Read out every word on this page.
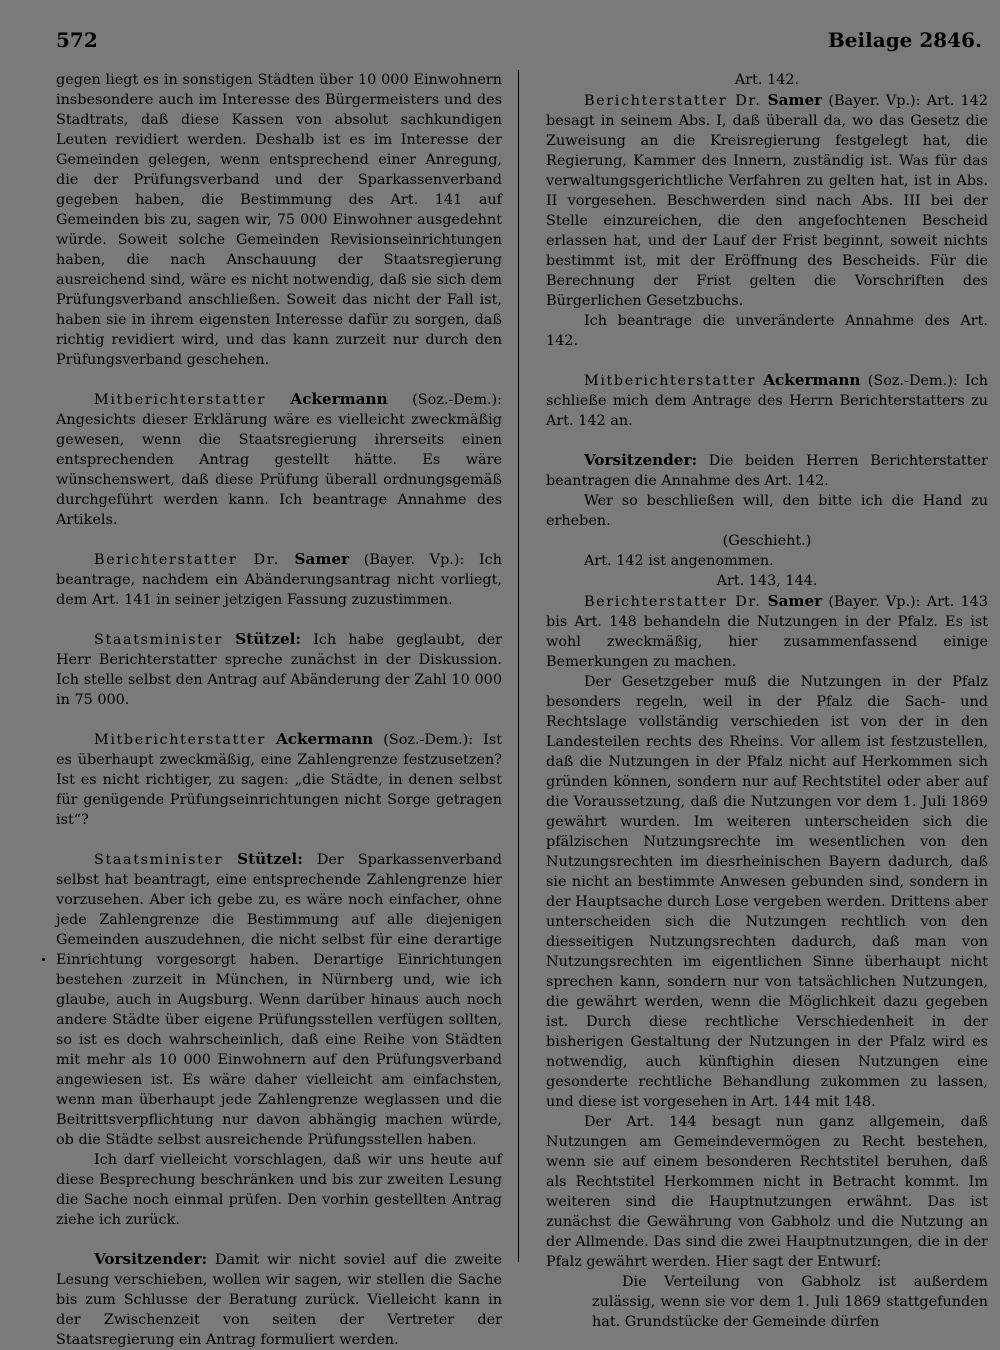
572	Beilage 2846.

gegen liegt es in sonstigen Städten über 10 000 Einwohnern insbesondere auch im Interesse des Bürgermeisters und des Stadtrats, daß diese Kassen von absolut sachkundigen Leuten revidiert werden. Deshalb ist es im Interesse der Gemeinden gelegen, wenn entsprechend einer Anregung, die der Prüfungsverband und der Sparkassenverband gegeben haben, die Bestimmung des Art. 141 auf Gemeinden bis zu, sagen wir, 75 000 Einwohner ausgedehnt würde. Soweit solche Gemeinden Revisionseinrichtungen haben, die nach Anschauung der Staatsregierung ausreichend sind, wäre es nicht notwendig, daß sie sich dem Prüfungsverband anschließen. Soweit das nicht der Fall ist, haben sie in ihrem eigensten Interesse dafür zu sorgen, daß richtig revidiert wird, und das kann zurzeit nur durch den Prüfungsverband geschehen.

Mitberichterstatter Ackermann (Soz.-Dem.): Angesichts dieser Erklärung wäre es vielleicht zweckmäßig gewesen, wenn die Staatsregierung ihrerseits einen entsprechenden Antrag gestellt hätte. Es wäre wünschenswert, daß diese Prüfung überall ordnungsgemäß durchgeführt werden kann. Ich beantrage Annahme des Artikels.

Berichterstatter Dr. Samer (Bayer. Vp.): Ich beantrage, nachdem ein Abänderungsantrag nicht vorliegt, dem Art. 141 in seiner jetzigen Fassung zuzustimmen.

Staatsminister Stützel: Ich habe geglaubt, der Herr Berichterstatter spreche zunächst in der Diskussion. Ich stelle selbst den Antrag auf Abänderung der Zahl 10 000 in 75 000.

Mitberichterstatter Ackermann (Soz.-Dem.): Ist es überhaupt zweckmäßig, eine Zahlengrenze festzusetzen? Ist es nicht richtiger, zu sagen: „die Städte, in denen selbst für genügende Prüfungseinrichtungen nicht Sorge getragen ist“?

Staatsminister Stützel: Der Sparkassenverband selbst hat beantragt, eine entsprechende Zahlengrenze hier vorzusehen. Aber ich gebe zu, es wäre noch einfacher, ohne jede Zahlengrenze die Bestimmung auf alle diejenigen Gemeinden auszudehnen, die nicht selbst für eine derartige Einrichtung vorgesorgt haben. Derartige Einrichtungen bestehen zurzeit in München, in Nürnberg und, wie ich glaube, auch in Augsburg. Wenn darüber hinaus auch noch andere Städte über eigene Prüfungsstellen verfügen sollten, so ist es doch wahrscheinlich, daß eine Reihe von Städten mit mehr als 10 000 Einwohnern auf den Prüfungsverband angewiesen ist. Es wäre daher vielleicht am einfachsten, wenn man überhaupt jede Zahlengrenze weglassen und die Beitrittsverpflichtung nur davon abhängig machen würde, ob die Städte selbst ausreichende Prüfungsstellen haben.

Ich darf vielleicht vorschlagen, daß wir uns heute auf diese Besprechung beschränken und bis zur zweiten Lesung die Sache noch einmal prüfen. Den vorhin gestellten Antrag ziehe ich zurück.

Vorsitzender: Damit wir nicht soviel auf die zweite Lesung verschieben, wollen wir sagen, wir stellen die Sache bis zum Schlusse der Beratung zurück. Vielleicht kann in der Zwischenzeit von seiten der Vertreter der Staatsregierung ein Antrag formuliert werden.

Art. 142.

Berichterstatter Dr. Samer (Bayer. Vp.): Art. 142 besagt in seinem Abs. I, daß überall da, wo das Gesetz die Zuweisung an die Kreisregierung festgelegt hat, die Regierung, Kammer des Innern, zuständig ist. Was für das verwaltungsgerichtliche Verfahren zu gelten hat, ist in Abs. II vorgesehen. Beschwerden sind nach Abs. III bei der Stelle einzureichen, die den angefochtenen Bescheid erlassen hat, und der Lauf der Frist beginnt, soweit nichts bestimmt ist, mit der Eröffnung des Bescheids. Für die Berechnung der Frist gelten die Vorschriften des Bürgerlichen Gesetzbuchs.

Ich beantrage die unveränderte Annahme des Art. 142.

Mitberichterstatter Ackermann (Soz.-Dem.): Ich schließe mich dem Antrage des Herrn Berichterstatters zu Art. 142 an.

Vorsitzender: Die beiden Herren Berichterstatter beantragen die Annahme des Art. 142.

Wer so beschließen will, den bitte ich die Hand zu erheben.

(Geschieht.)

Art. 142 ist angenommen.

Art. 143, 144.

Berichterstatter Dr. Samer (Bayer. Vp.): Art. 143 bis Art. 148 behandeln die Nutzungen in der Pfalz. Es ist wohl zweckmäßig, hier zusammenfassend einige Bemerkungen zu machen.

Der Gesetzgeber muß die Nutzungen in der Pfalz besonders regeln, weil in der Pfalz die Sach- und Rechtslage vollständig verschieden ist von der in den Landesteilen rechts des Rheins. Vor allem ist festzustellen, daß die Nutzungen in der Pfalz nicht auf Herkommen sich gründen können, sondern nur auf Rechtstitel oder aber auf die Voraussetzung, daß die Nutzungen vor dem 1. Juli 1869 gewährt wurden. Im weiteren unterscheiden sich die pfälzischen Nutzungsrechte im wesentlichen von den Nutzungsrechten im diesrheinischen Bayern dadurch, daß sie nicht an bestimmte Anwesen gebunden sind, sondern in der Hauptsache durch Lose vergeben werden. Drittens aber unterscheiden sich die Nutzungen rechtlich von den diesseitigen Nutzungsrechten dadurch, daß man von Nutzungsrechten im eigentlichen Sinne überhaupt nicht sprechen kann, sondern nur von tatsächlichen Nutzungen, die gewährt werden, wenn die Möglichkeit dazu gegeben ist. Durch diese rechtliche Verschiedenheit in der bisherigen Gestaltung der Nutzungen in der Pfalz wird es notwendig, auch künftighin diesen Nutzungen eine gesonderte rechtliche Behandlung zukommen zu lassen, und diese ist vorgesehen in Art. 144 mit 148.

Der Art. 144 besagt nun ganz allgemein, daß Nutzungen am Gemeindevermögen zu Recht bestehen, wenn sie auf einem besonderen Rechtstitel beruhen, daß als Rechtstitel Herkommen nicht in Betracht kommt. Im weiteren sind die Hauptnutzungen erwähnt. Das ist zunächst die Gewährung von Gabholz und die Nutzung an der Allmende. Das sind die zwei Hauptnutzungen, die in der Pfalz gewährt werden. Hier sagt der Entwurf:

Die Verteilung von Gabholz ist außerdem zulässig, wenn sie vor dem 1. Juli 1869 stattgefunden hat. Grundstücke der Gemeinde dürfen
